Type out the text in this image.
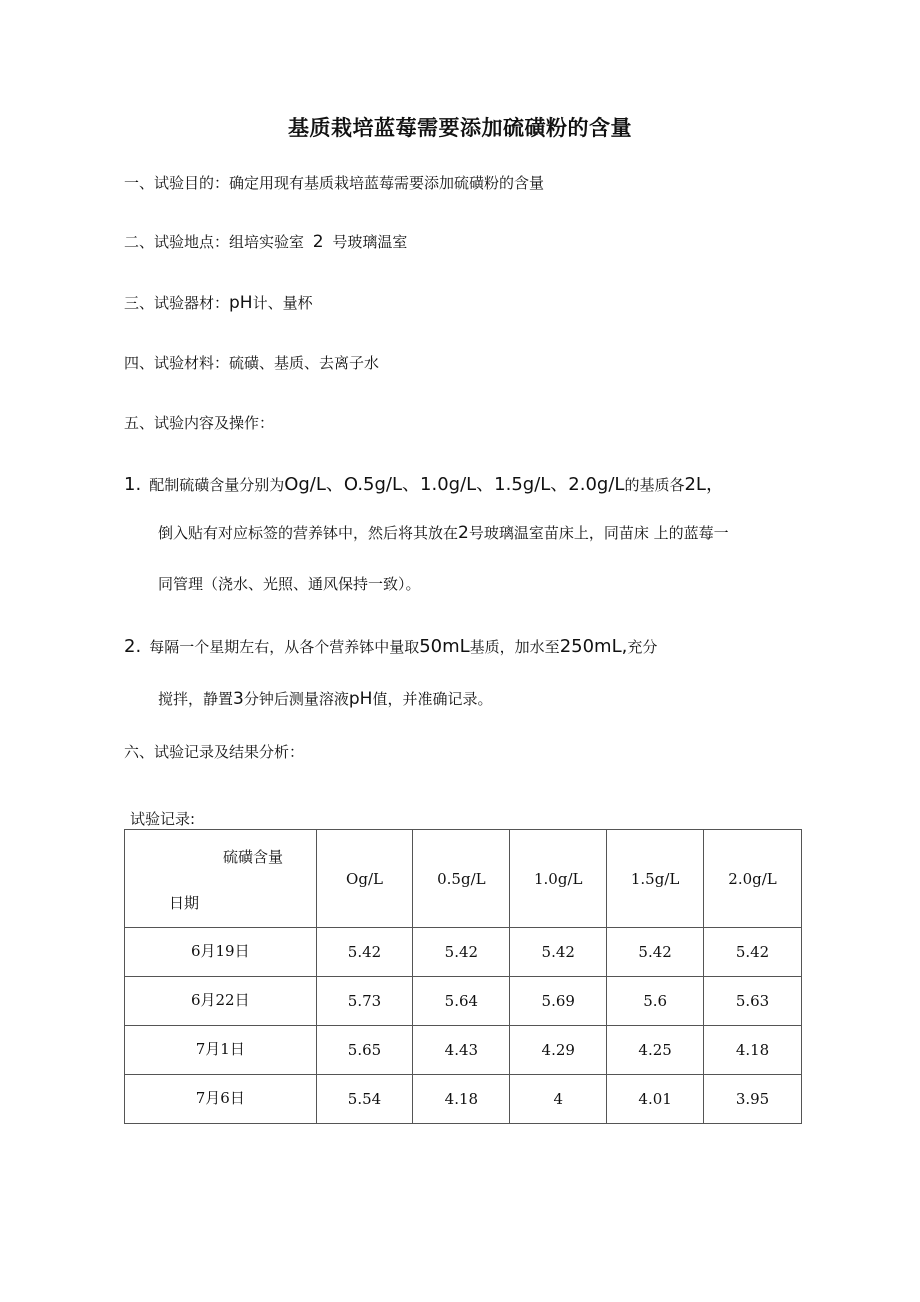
基质栽培蓝莓需要添加硫磺粉的含量
一、试验目的：确定用现有基质栽培蓝莓需要添加硫磺粉的含量
二、试验地点：组培实验室 2 号玻璃温室
三、试验器材：pH计、量杯
四、试验材料：硫磺、基质、去离子水
五、试验内容及操作：
1. 配制硫磺含量分别为Og/L、O.5g/L、1.0g/L、1.5g/L、2.0g/L的基质各2L，
倒入贴有对应标签的营养钵中，然后将其放在2号玻璃温室苗床上，同苗床 上的蓝莓一
同管理（浇水、光照、通风保持一致）。
2. 每隔一个星期左右，从各个营养钵中量取50mL基质，加水至250mL,充分
搅拌，静置3分钟后测量溶液pH值，并准确记录。
六、试验记录及结果分析：
试验记录:
硫磺含量
日期	Og/L	0.5g/L	1.0g/L	1.5g/L	2.0g/L
6月19日	5.42	5.42	5.42	5.42	5.42
6月22日	5.73	5.64	5.69	5.6	5.63
7月1日	5.65	4.43	4.29	4.25	4.18
7月6日	5.54	4.18	4	4.01	3.95
